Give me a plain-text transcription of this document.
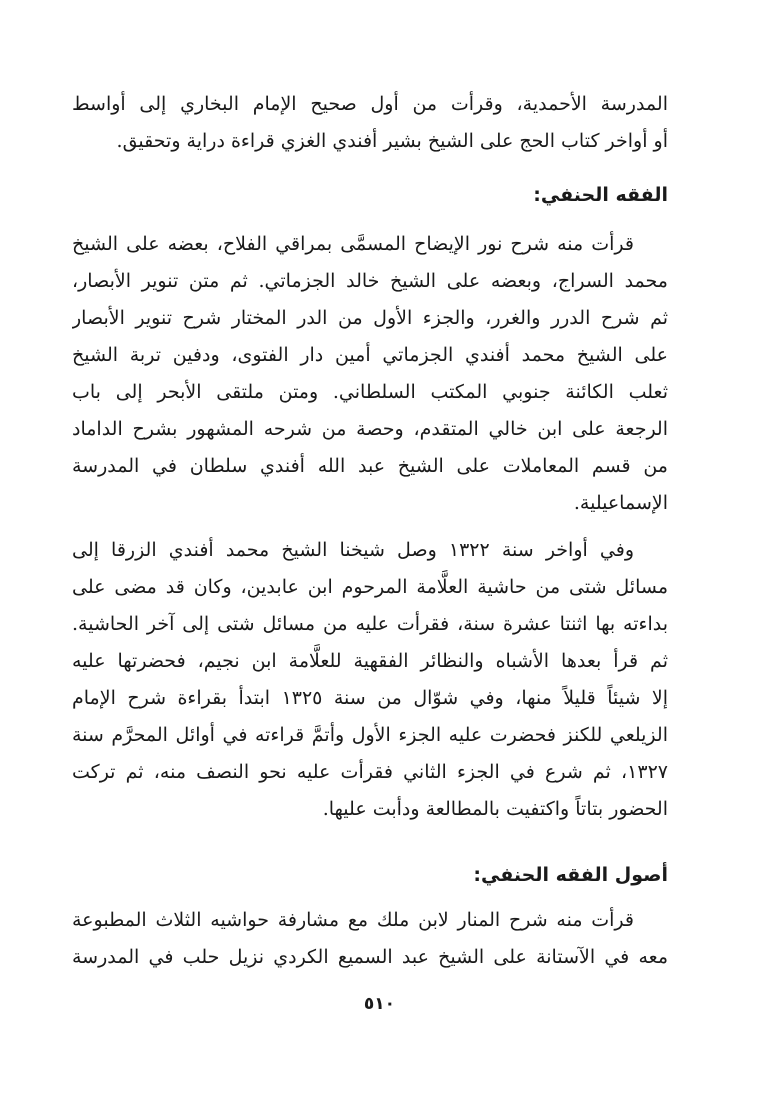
المدرسة الأحمدية، وقرأت من أول صحيح الإمام البخاري إلى أواسط
أو أواخر كتاب الحج على الشيخ بشير أفندي الغزي قراءة دراية وتحقيق.

الفقه الحنفي:

قرأت منه شرح نور الإيضاح المسمَّى بمراقي الفلاح، بعضه على الشيخ
محمد السراج، وبعضه على الشيخ خالد الجزماتي. ثم متن تنوير الأبصار،
ثم شرح الدرر والغرر، والجزء الأول من الدر المختار شرح تنوير الأبصار
على الشيخ محمد أفندي الجزماتي أمين دار الفتوى، ودفين تربة الشيخ
ثعلب الكائنة جنوبي المكتب السلطاني. ومتن ملتقى الأبحر إلى باب
الرجعة على ابن خالي المتقدم، وحصة من شرحه المشهور بشرح الداماد
من قسم المعاملات على الشيخ عبد الله أفندي سلطان في المدرسة
الإسماعيلية.

وفي أواخر سنة ١٣٢٢ وصل شيخنا الشيخ محمد أفندي الزرقا إلى
مسائل شتى من حاشية العلَّامة المرحوم ابن عابدين، وكان قد مضى على
بداءته بها اثنتا عشرة سنة، فقرأت عليه من مسائل شتى إلى آخر الحاشية.
ثم قرأ بعدها الأشباه والنظائر الفقهية للعلَّامة ابن نجيم، فحضرتها عليه
إلا شيئاً قليلاً منها، وفي شوّال من سنة ١٣٢٥ ابتدأ بقراءة شرح الإمام
الزيلعي للكنز فحضرت عليه الجزء الأول وأتمَّ قراءته في أوائل المحرَّم سنة
١٣٢٧، ثم شرع في الجزء الثاني فقرأت عليه نحو النصف منه، ثم تركت
الحضور بتاتاً واكتفيت بالمطالعة ودأبت عليها.

أصول الفقه الحنفي:

قرأت منه شرح المنار لابن ملك مع مشارفة حواشيه الثلاث المطبوعة
معه في الآستانة على الشيخ عبد السميع الكردي نزيل حلب في المدرسة

٥١٠
